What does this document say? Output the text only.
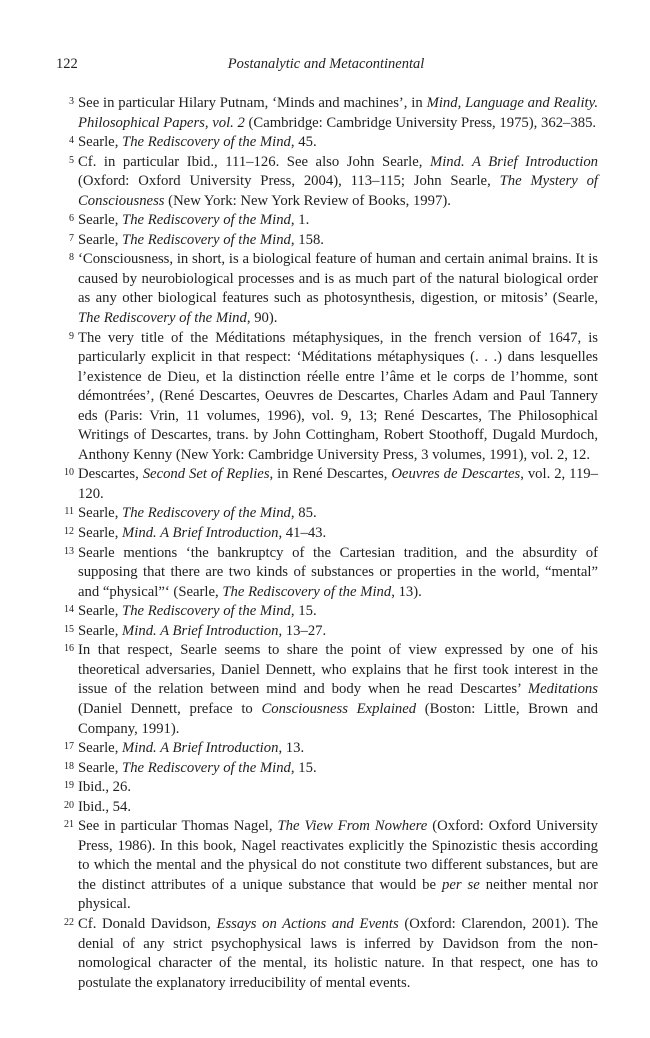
122	Postanalytic and Metacontinental
3 See in particular Hilary Putnam, ‘Minds and machines’, in Mind, Language and Reality. Philosophical Papers, vol. 2 (Cambridge: Cambridge University Press, 1975), 362–385.
4 Searle, The Rediscovery of the Mind, 45.
5 Cf. in particular Ibid., 111–126. See also John Searle, Mind. A Brief Introduction (Oxford: Oxford University Press, 2004), 113–115; John Searle, The Mystery of Consciousness (New York: New York Review of Books, 1997).
6 Searle, The Rediscovery of the Mind, 1.
7 Searle, The Rediscovery of the Mind, 158.
8 ‘Consciousness, in short, is a biological feature of human and certain animal brains. It is caused by neurobiological processes and is as much part of the natural biological order as any other biological features such as photosynthesis, digestion, or mitosis’ (Searle, The Rediscovery of the Mind, 90).
9 The very title of the Méditations métaphysiques, in the french version of 1647, is particularly explicit in that respect: ‘Méditations métaphysiques (. . .) dans lesquelles l’existence de Dieu, et la distinction réelle entre l’âme et le corps de l’homme, sont démontrées’, (René Descartes, Oeuvres de Descartes, Charles Adam and Paul Tannery eds (Paris: Vrin, 11 volumes, 1996), vol. 9, 13; René Descartes, The Philosophical Writings of Descartes, trans. by John Cottingham, Robert Stoothoff, Dugald Murdoch, Anthony Kenny (New York: Cambridge University Press, 3 volumes, 1991), vol. 2, 12.
10 Descartes, Second Set of Replies, in René Descartes, Oeuvres de Descartes, vol. 2, 119–120.
11 Searle, The Rediscovery of the Mind, 85.
12 Searle, Mind. A Brief Introduction, 41–43.
13 Searle mentions ‘the bankruptcy of the Cartesian tradition, and the absurdity of supposing that there are two kinds of substances or properties in the world, “mental” and “physical”‘ (Searle, The Rediscovery of the Mind, 13).
14 Searle, The Rediscovery of the Mind, 15.
15 Searle, Mind. A Brief Introduction, 13–27.
16 In that respect, Searle seems to share the point of view expressed by one of his theoretical adversaries, Daniel Dennett, who explains that he first took interest in the issue of the relation between mind and body when he read Descartes’ Meditations (Daniel Dennett, preface to Consciousness Explained (Boston: Little, Brown and Company, 1991).
17 Searle, Mind. A Brief Introduction, 13.
18 Searle, The Rediscovery of the Mind, 15.
19 Ibid., 26.
20 Ibid., 54.
21 See in particular Thomas Nagel, The View From Nowhere (Oxford: Oxford University Press, 1986). In this book, Nagel reactivates explicitly the Spinozistic thesis according to which the mental and the physical do not constitute two different substances, but are the distinct attributes of a unique substance that would be per se neither mental nor physical.
22 Cf. Donald Davidson, Essays on Actions and Events (Oxford: Clarendon, 2001). The denial of any strict psychophysical laws is inferred by Davidson from the non-nomological character of the mental, its holistic nature. In that respect, one has to postulate the explanatory irreducibility of mental events.
